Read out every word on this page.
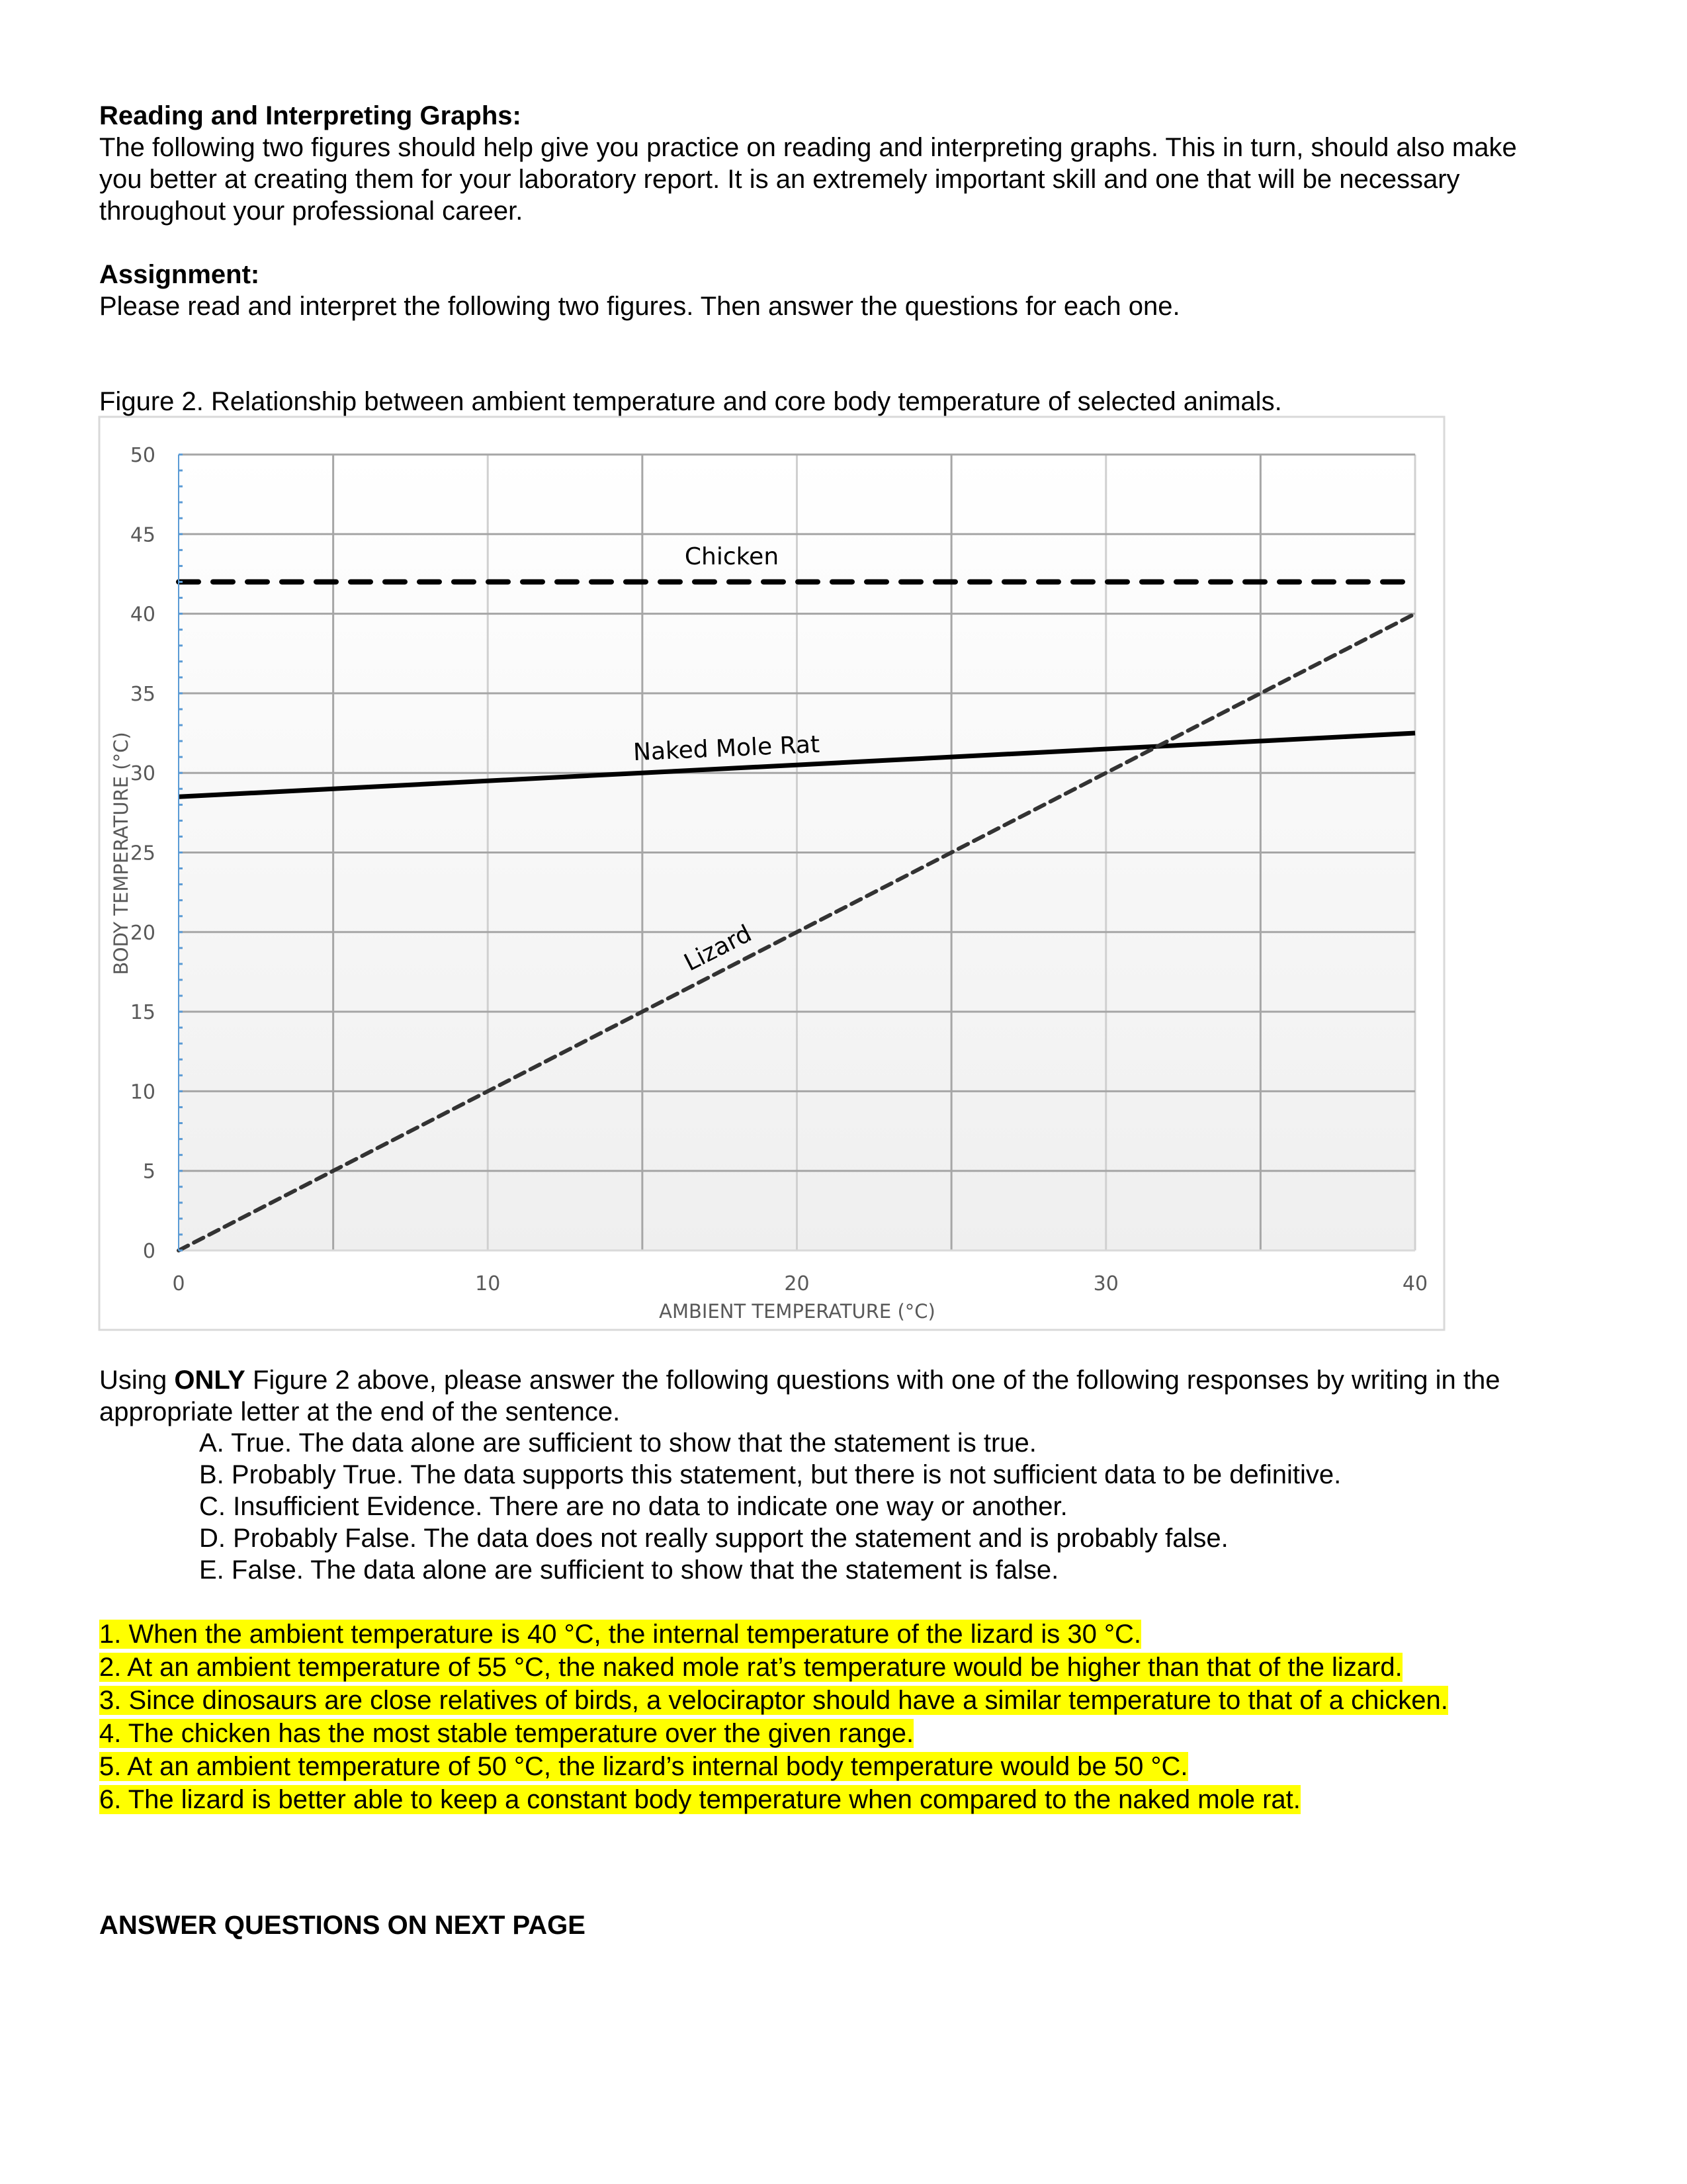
Reading and Interpreting Graphs:
The following two figures should help give you practice on reading and interpreting graphs. This in turn, should also make
you better at creating them for your laboratory report. It is an extremely important skill and one that will be necessary
throughout your professional career.
Assignment:
Please read and interpret the following two figures. Then answer the questions for each one.
Figure 2. Relationship between ambient temperature and core body temperature of selected animals.
0
5
10
15
20
25
30
35
40
45
50
0	10	20	30	40
Chicken
Naked Mole Rat
Lizard
AMBIENT TEMPERATURE (°C)
BODY TEMPERATURE (°C)
Using ONLY Figure 2 above, please answer the following questions with one of the following responses by writing in the
appropriate letter at the end of the sentence.
A. True. The data alone are sufficient to show that the statement is true.
B. Probably True. The data supports this statement, but there is not sufficient data to be definitive.
C. Insufficient Evidence. There are no data to indicate one way or another.
D. Probably False. The data does not really support the statement and is probably false.
E. False. The data alone are sufficient to show that the statement is false.
1. When the ambient temperature is 40 °C, the internal temperature of the lizard is 30 °C.
2. At an ambient temperature of 55 °C, the naked mole rat’s temperature would be higher than that of the lizard.
3. Since dinosaurs are close relatives of birds, a velociraptor should have a similar temperature to that of a chicken.
4. The chicken has the most stable temperature over the given range.
5. At an ambient temperature of 50 °C, the lizard’s internal body temperature would be 50 °C.
6. The lizard is better able to keep a constant body temperature when compared to the naked mole rat.
ANSWER QUESTIONS ON NEXT PAGE
